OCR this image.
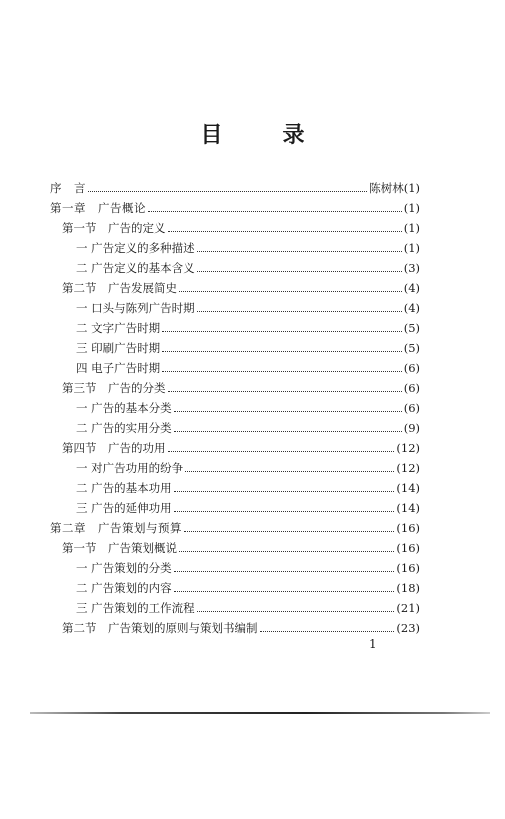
目	录
序　言	陈树林(1)
第一章　广告概论	(1)
第一节　广告的定义	(1)
一 广告定义的多种描述	(1)
二 广告定义的基本含义	(3)
第二节　广告发展简史	(4)
一 口头与陈列广告时期	(4)
二 文字广告时期	(5)
三 印刷广告时期	(5)
四 电子广告时期	(6)
第三节　广告的分类	(6)
一 广告的基本分类	(6)
二 广告的实用分类	(9)
第四节　广告的功用	(12)
一 对广告功用的纷争	(12)
二 广告的基本功用	(14)
三 广告的延伸功用	(14)
第二章　广告策划与预算	(16)
第一节　广告策划概说	(16)
一 广告策划的分类	(16)
二 广告策划的内容	(18)
三 广告策划的工作流程	(21)
第二节　广告策划的原则与策划书编制	(23)
1
